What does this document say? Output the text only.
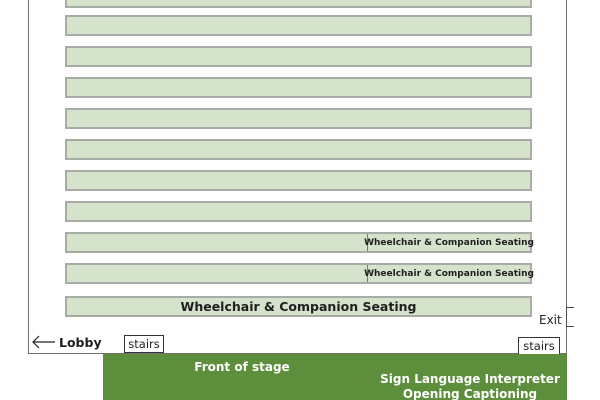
Wheelchair & Companion Seating
Wheelchair & Companion Seating
Wheelchair & Companion Seating
Exit
Lobby	stairs	stairs
Front of stage
Sign Language Interpreter
Opening Captioning
